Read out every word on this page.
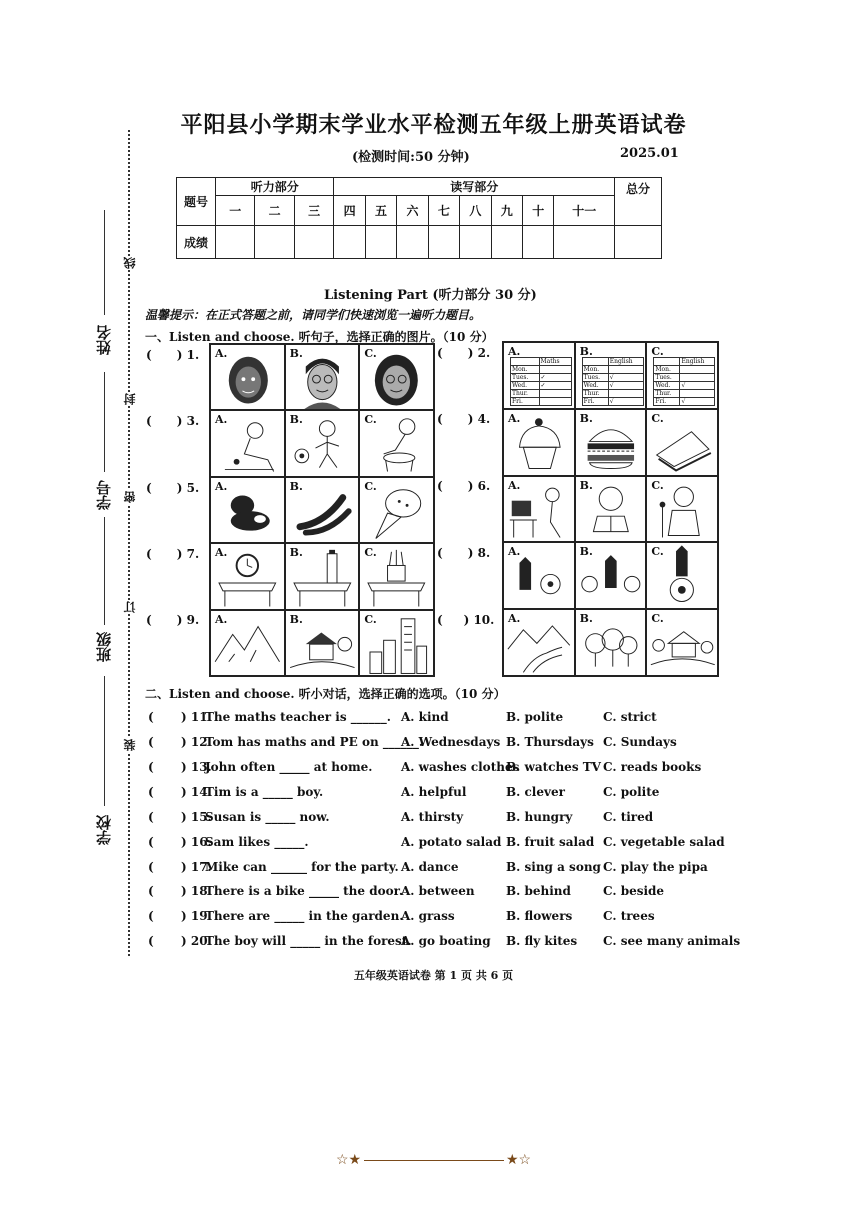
姓名
学号
班级
学校
线
封
密
订
装
平阳县小学期末学业水平检测五年级上册英语试卷
(检测时间:50 分钟)	2025.01
题号	听力部分			读写部分								总分
	一	二	三	四	五	六	七	八	九	十	十一	
成绩												
Listening Part (听力部分 30 分)
温馨提示：在正式答题之前，请同学们快速浏览一遍听力题目。
一、Listen and choose. 听句子，选择正确的图片。（10 分）
( ) 1.
( ) 3.
( ) 5.
( ) 7.
( ) 9.
( ) 2.
( ) 4.
( ) 6.
( ) 8.
( ) 10.
A.	B.	C.
A.	B.	C.
A.	B.	C.
A.	B.	C.
A.	B.	C.
A.
	Maths
Mon.	
Tues.	✓
Wed.	✓
Thur.	
Fri.	
B.
	English
Mon.	
Tues.	√
Wed.	√
Thur.	
Fri.	√
C.
	English
Mon.	
Tues.	
Wed.	√
Thur.	
Fri.	√
A.	B.	C.
A.	B.	C.
A.	B.	C.
A.	B.	C.
二、Listen and choose. 听小对话，选择正确的选项。（10 分）
( ) 11.
The maths teacher is ______. A. kind	B. polite	C. strict
( ) 12.
Tom has maths and PE on ______.
A. Wednesdays B. Thursdays C. Sundays
( ) 13.
John often _____ at home. A. washes clothes
B. watches TV C. reads books
( ) 14.
Tim is a _____ boy.	A. helpful	B. clever	C. polite
( ) 15.
Susan is _____ now.	A. thirsty	B. hungry	C. tired
( ) 16.
Sam likes _____.	A. potato salad B. fruit salad C. vegetable salad
( ) 17.
Mike can ______ for the party. A. dance	B. sing a song C. play the pipa
( ) 18.
There is a bike _____ the door.
A. between	B. behind	C. beside
( ) 19.
There are _____ in the garden.
A. grass	B. flowers	C. trees
( ) 20.
The boy will _____ in the forest.
A. go boating B. fly kites C. see many animals
五年级英语试卷 第 1 页 共 6 页
☆★	★☆
